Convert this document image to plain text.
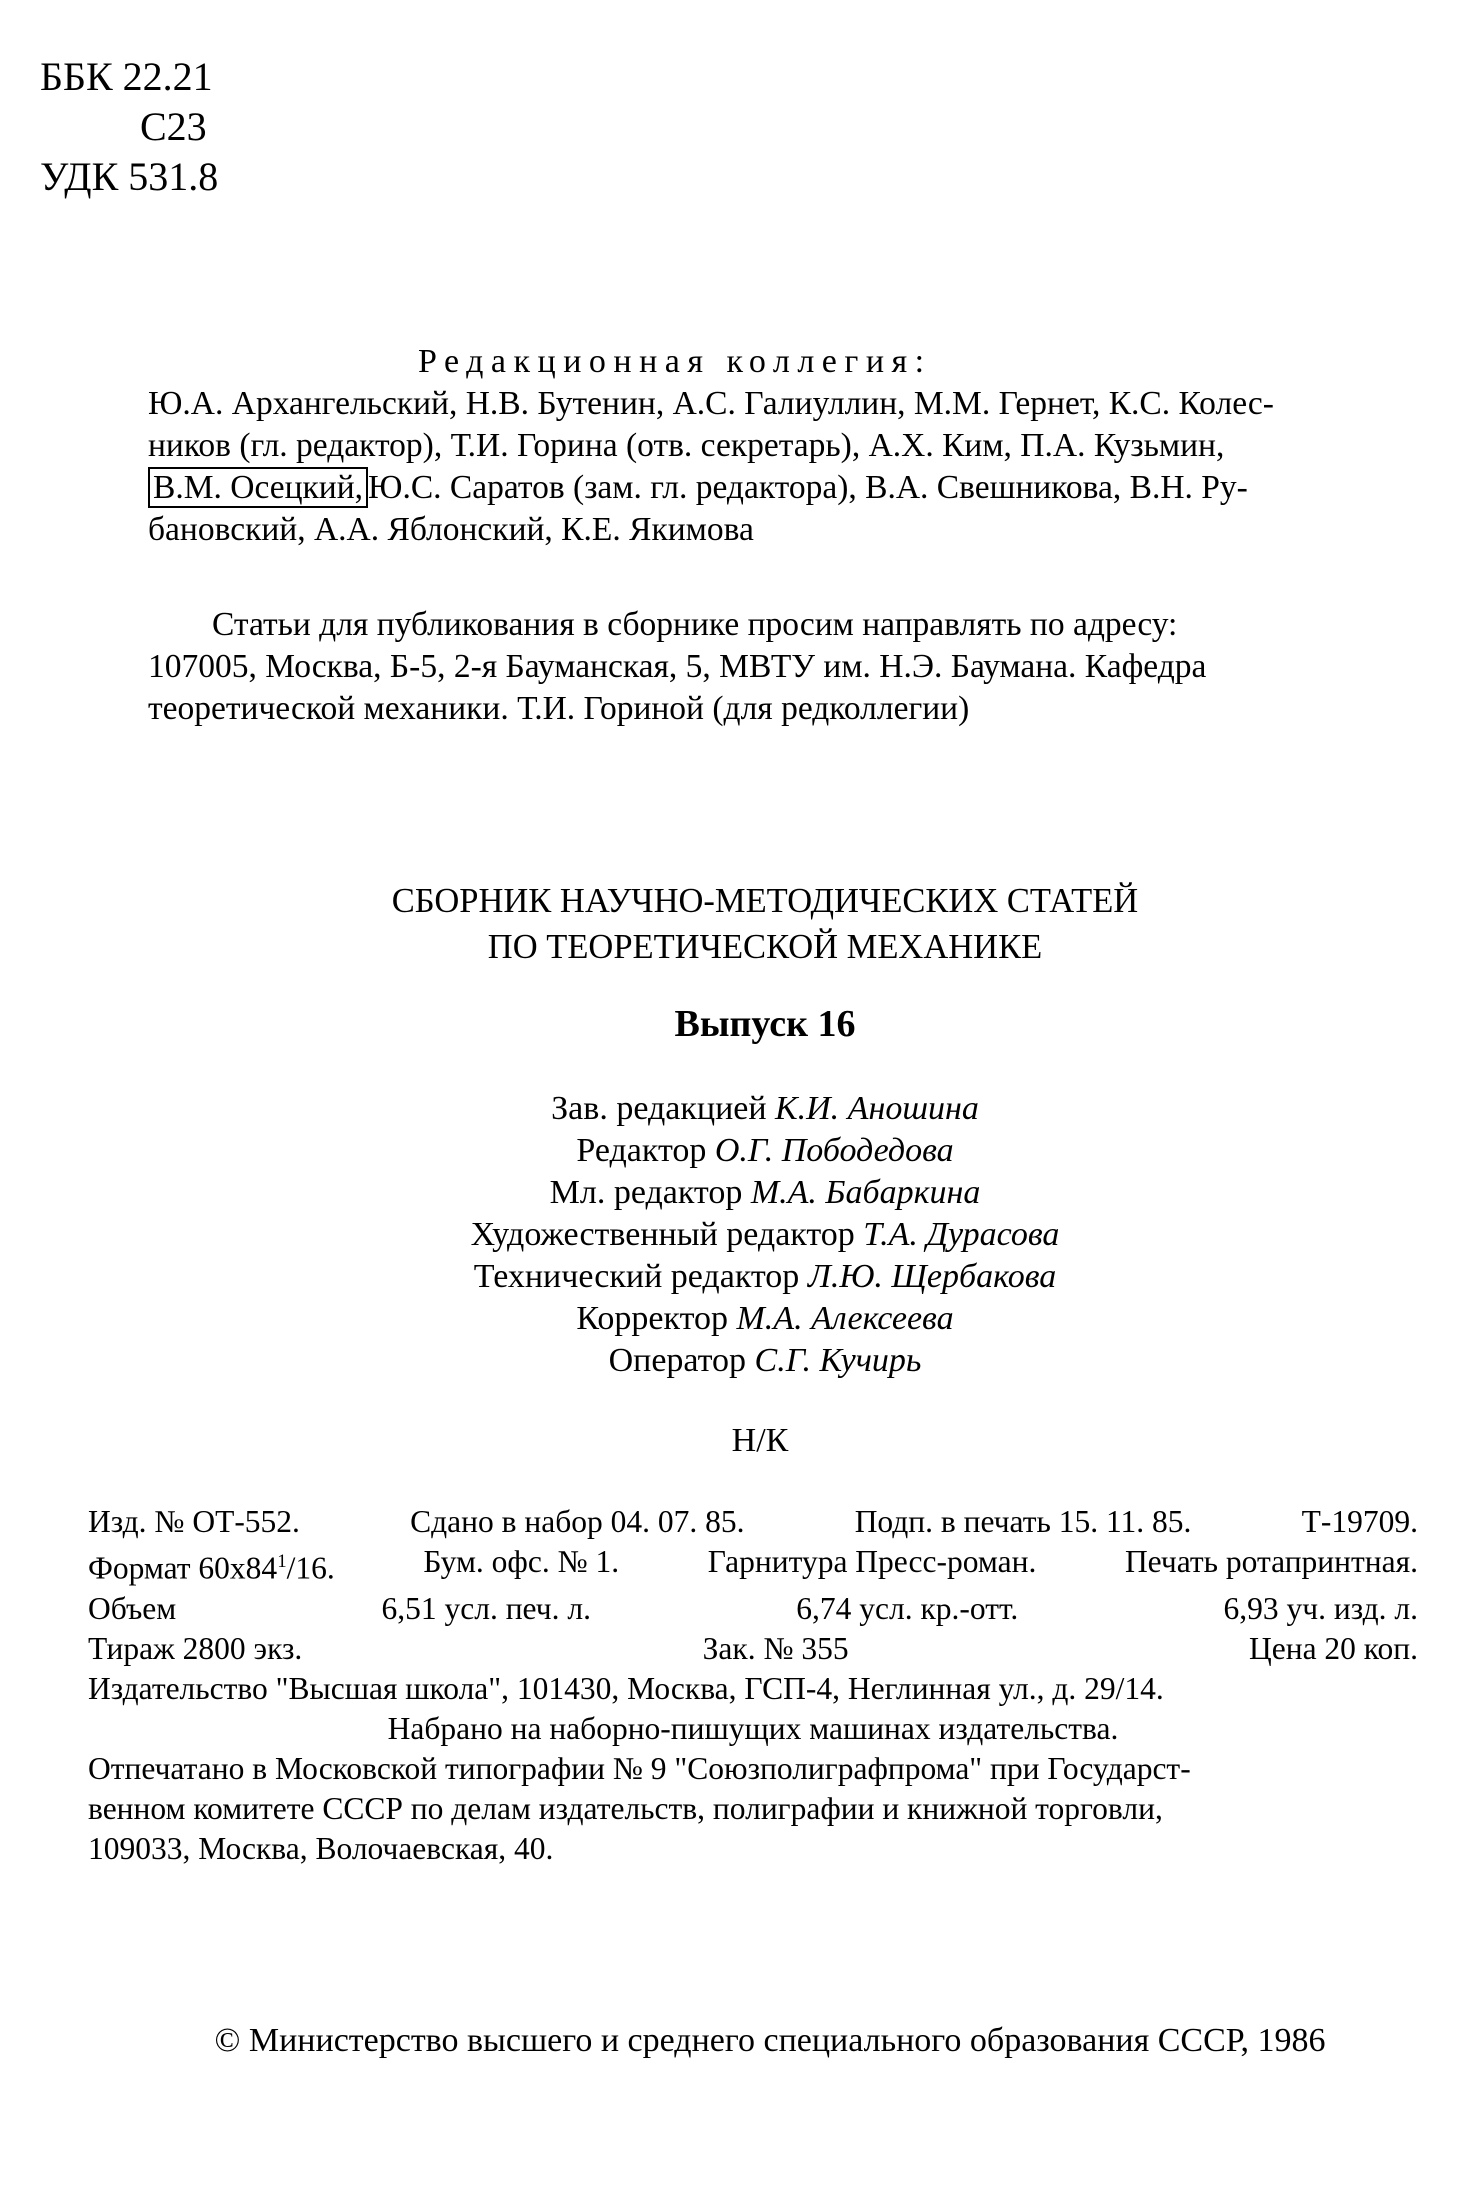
ББК 22.21
С23
УДК 531.8
Редакционная коллегия:
Ю.А. Архангельский, Н.В. Бутенин, А.С. Галиуллин, М.М. Гернет, К.С. Колес-
ников (гл. редактор), Т.И. Горина (отв. секретарь), А.Х. Ким, П.А. Кузьмин,
В.М. Осецкий, Ю.С. Саратов (зам. гл. редактора), В.А. Свешникова, В.Н. Ру-
бановский, А.А. Яблонский, К.Е. Якимова
Статьи для публикования в сборнике просим направлять по адресу:
107005, Москва, Б-5, 2-я Бауманская, 5, МВТУ им. Н.Э. Баумана. Кафедра
теоретической механики. Т.И. Гориной (для редколлегии)
СБОРНИК НАУЧНО-МЕТОДИЧЕСКИХ СТАТЕЙ
ПО ТЕОРЕТИЧЕСКОЙ МЕХАНИКЕ
Выпуск 16
Зав. редакцией К.И. Аношина
Редактор О.Г. Пободедова
Мл. редактор М.А. Бабаркина
Художественный редактор Т.А. Дурасова
Технический редактор Л.Ю. Щербакова
Корректор М.А. Алексеева
Оператор С.Г. Кучирь
Н/К
Изд. № ОТ-552.	Сдано в набор 04. 07. 85.	Подп. в печать 15. 11. 85.	Т-19709.
Формат $60х84^1/16$.	Бум. офс. № 1.	Гарнитура Пресс-роман.	Печать ротапринтная.
Объем	6,51 усл. печ. л.	6,74 усл. кр.-отт.	6,93 уч. изд. л.
Тираж 2800 экз.	Зак. № 355	Цена 20 коп.
Издательство "Высшая школа", 101430, Москва, ГСП-4, Неглинная ул., д. 29/14.
Набрано на наборно-пишущих машинах издательства.
Отпечатано в Московской типографии № 9 "Союзполиграфпрома" при Государст-
венном комитете СССР по делам издательств, полиграфии и книжной торговли,
109033, Москва, Волочаевская, 40.
© Министерство высшего и среднего специального образования СССР, 1986
